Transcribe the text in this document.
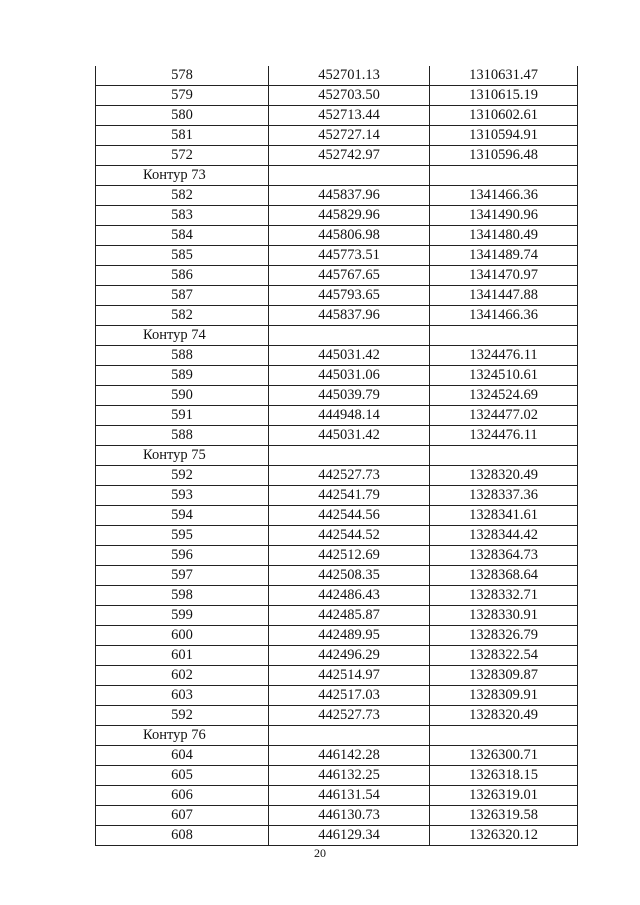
578	452701.13	1310631.47
579	452703.50	1310615.19
580	452713.44	1310602.61
581	452727.14	1310594.91
572	452742.97	1310596.48
Контур 73		
582	445837.96	1341466.36
583	445829.96	1341490.96
584	445806.98	1341480.49
585	445773.51	1341489.74
586	445767.65	1341470.97
587	445793.65	1341447.88
582	445837.96	1341466.36
Контур 74		
588	445031.42	1324476.11
589	445031.06	1324510.61
590	445039.79	1324524.69
591	444948.14	1324477.02
588	445031.42	1324476.11
Контур 75		
592	442527.73	1328320.49
593	442541.79	1328337.36
594	442544.56	1328341.61
595	442544.52	1328344.42
596	442512.69	1328364.73
597	442508.35	1328368.64
598	442486.43	1328332.71
599	442485.87	1328330.91
600	442489.95	1328326.79
601	442496.29	1328322.54
602	442514.97	1328309.87
603	442517.03	1328309.91
592	442527.73	1328320.49
Контур 76		
604	446142.28	1326300.71
605	446132.25	1326318.15
606	446131.54	1326319.01
607	446130.73	1326319.58
608	446129.34	1326320.12
20
